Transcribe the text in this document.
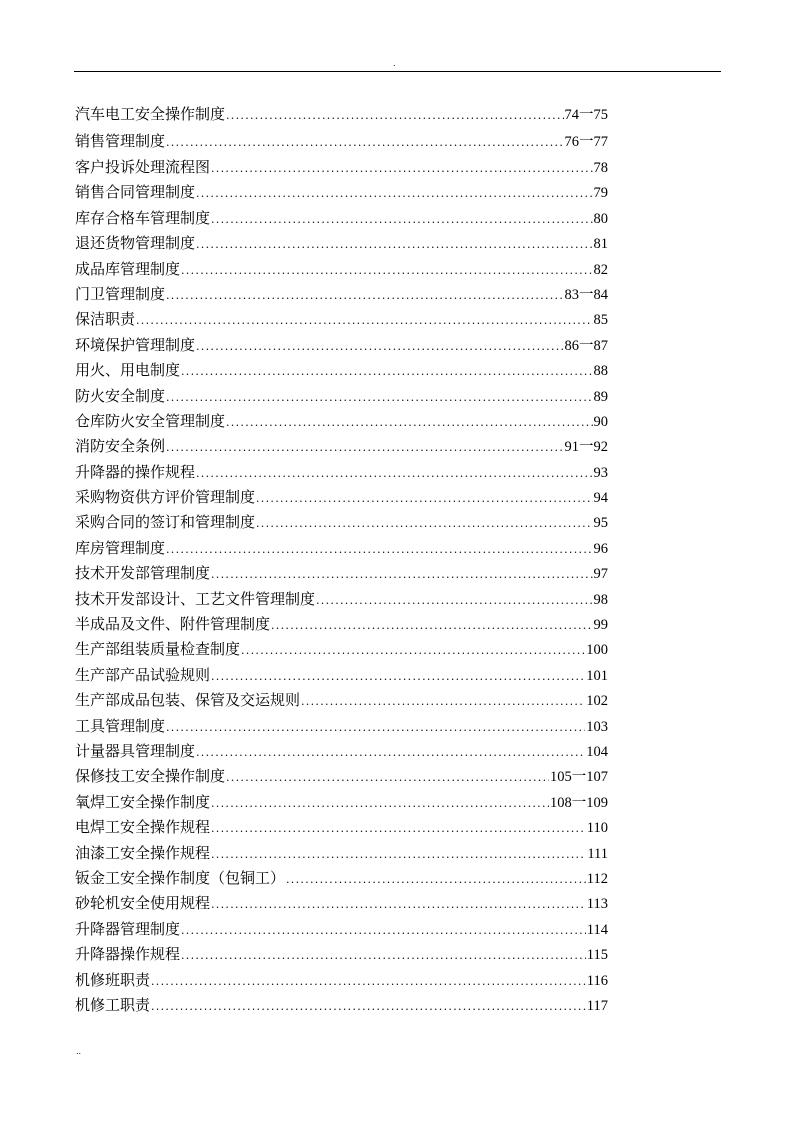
.
汽车电工安全操作制度 .....	74一75
销售管理制度 .....	76一77
客户投诉处理流程图 .....	78
销售合同管理制度 .....	79
库存合格车管理制度 .....	80
退还货物管理制度 .....	81
成品库管理制度 .....	82
门卫管理制度 .....	83一84
保洁职责 .....	85
环境保护管理制度 .....	86一87
用火、用电制度 .....	88
防火安全制度 .....	89
仓库防火安全管理制度 .....	90
消防安全条例 .....	91一92
升降器的操作规程 .....	93
采购物资供方评价管理制度 .....	94
采购合同的签订和管理制度 .....	95
库房管理制度 .....	96
技术开发部管理制度 .....	97
技术开发部设计、工艺文件管理制度 .....	98
半成品及文件、附件管理制度 .....	99
生产部组装质量检查制度 .....	100
生产部产品试验规则 .....	101
生产部成品包装、保管及交运规则 .....	102
工具管理制度 .....	103
计量器具管理制度 .....	104
保修技工安全操作制度 .....	105一107
氧焊工安全操作制度 .....	108一109
电焊工安全操作规程 .....	110
油漆工安全操作规程 .....	111
钣金工安全操作制度（包铜工） .....	112
砂轮机安全使用规程 .....	113
升降器管理制度 .....	114
升降器操作规程 .....	115
机修班职责 .....	116
机修工职责 .....	117
..
